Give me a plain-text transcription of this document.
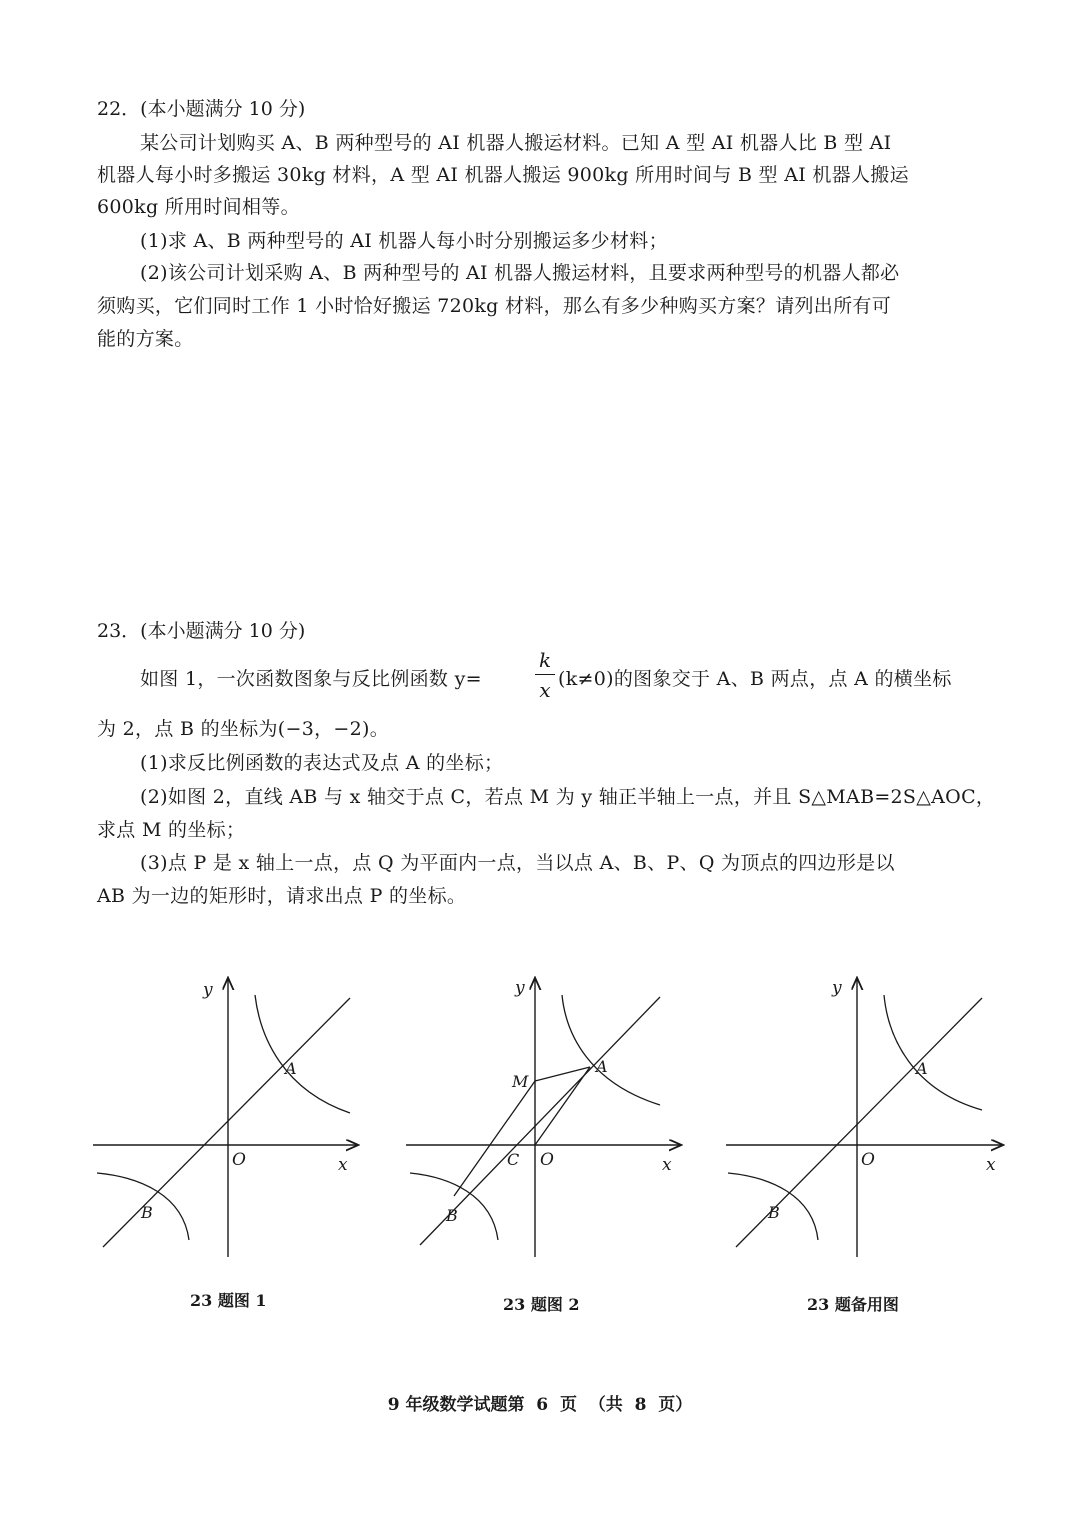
22．(本小题满分 10 分)
某公司计划购买 A、B 两种型号的 AI 机器人搬运材料。已知 A 型 AI 机器人比 B 型 AI
机器人每小时多搬运 30kg 材料，A 型 AI 机器人搬运 900kg 所用时间与 B 型 AI 机器人搬运
600kg 所用时间相等。
(1)求 A、B 两种型号的 AI 机器人每小时分别搬运多少材料；
(2)该公司计划采购 A、B 两种型号的 AI 机器人搬运材料，且要求两种型号的机器人都必
须购买，它们同时工作 1 小时恰好搬运 720kg 材料，那么有多少种购买方案？请列出所有可
能的方案。
23．(本小题满分 10 分)
如图 1，一次函数图象与反比例函数 y=
k
x (k≠0)的图象交于 A、B 两点，点 A 的横坐标
为 2，点 B 的坐标为(−3，−2)。
(1)求反比例函数的表达式及点 A 的坐标；
(2)如图 2，直线 AB 与 x 轴交于点 C，若点 M 为 y 轴正半轴上一点，并且 S△MAB=2S△AOC，
求点 M 的坐标；
(3)点 P 是 x 轴上一点，点 Q 为平面内一点，当以点 A、B、P、Q 为顶点的四边形是以
AB 为一边的矩形时，请求出点 P 的坐标。
y
x
O
A
B
23 题图 1
y
x
O
C
M
A
B
23 题图 2
y
x
O
A
B
23 题备用图
9 年级数学试题第  6  页  （共  8  页）
